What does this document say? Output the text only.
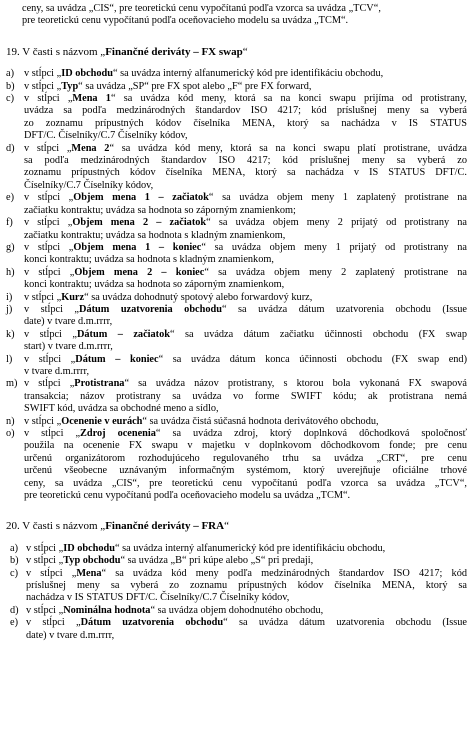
ceny, sa uvádza „CIS“, pre teoretickú cenu vypočítanú podľa vzorca sa uvádza „TCV“,
pre teoretickú cenu vypočítanú podľa oceňovacieho modelu sa uvádza „TCM“.
19. V časti s názvom „Finančné deriváty – FX swap“
a) v stĺpci „ID obchodu“ sa uvádza interný alfanumerický kód pre identifikáciu obchodu,
b) v stĺpci „Typ“ sa uvádza „SP“ pre FX spot alebo „F“ pre FX forward,
c) v stĺpci „Mena 1“ sa uvádza kód meny, ktorá sa na konci swapu prijíma od protistrany,
uvádza sa podľa medzinárodných štandardov ISO 4217; kód príslušnej meny sa vyberá
zo zoznamu prípustných kódov číselníka MENA, ktorý sa nachádza v IS STATUS
DFT/C. Číselníky/C.7 Číselníky kódov,
d) v stĺpci „Mena 2“ sa uvádza kód meny, ktorá sa na konci swapu platí protistrane, uvádza
sa podľa medzinárodných štandardov ISO 4217; kód príslušnej meny sa vyberá zo
zoznamu prípustných kódov číselníka MENA, ktorý sa nachádza v IS STATUS DFT/C.
Číselníky/C.7 Číselníky kódov,
e) v stĺpci „Objem mena 1 – začiatok“ sa uvádza objem meny 1 zaplatený protistrane na
začiatku kontraktu; uvádza sa hodnota so záporným znamienkom;
f)	v stĺpci „Objem mena 2 – začiatok“ sa uvádza objem meny 2 prijatý od protistrany na
začiatku kontraktu; uvádza sa hodnota s kladným znamienkom,
g) v stĺpci „Objem mena 1 – koniec“ sa uvádza objem meny 1 prijatý od protistrany na
konci kontraktu; uvádza sa hodnota s kladným znamienkom,
h) v stĺpci „Objem mena 2 – koniec“ sa uvádza objem meny 2 zaplatený protistrane na
konci kontraktu; uvádza sa hodnota so záporným znamienkom,
i)	v stĺpci „Kurz“ sa uvádza dohodnutý spotový alebo forwardový kurz,
j)	v stĺpci „Dátum uzatvorenia obchodu“ sa uvádza dátum uzatvorenia obchodu (Issue
date) v tvare d.m.rrrr,
k) v stĺpci „Dátum – začiatok“ sa uvádza dátum začiatku účinnosti obchodu (FX swap
start) v tvare d.m.rrrr,
l)	v stĺpci „Dátum – koniec“ sa uvádza dátum konca účinnosti obchodu (FX swap end)
v tvare d.m.rrrr,
m) v stĺpci „Protistrana“ sa uvádza názov protistrany, s ktorou bola vykonaná FX swapová
transakcia; názov protistrany sa uvádza vo forme SWIFT kódu; ak protistrana nemá
SWIFT kód, uvádza sa obchodné meno a sídlo,
n) v stĺpci „Ocenenie v eurách“ sa uvádza čistá súčasná hodnota derivátového obchodu,
o) v stĺpci „Zdroj ocenenia“ sa uvádza zdroj, ktorý doplnková dôchodková spoločnosť
použila na ocenenie FX swapu v majetku v doplnkovom dôchodkovom fonde; pre cenu
určenú organizátorom rozhodujúceho regulovaného trhu sa uvádza „CRT“, pre cenu
určenú všeobecne uznávaným informačným systémom, ktorý uverejňuje oficiálne trhové
ceny, sa uvádza „CIS“, pre teoretickú cenu vypočítanú podľa vzorca sa uvádza „TCV“,
pre teoretickú cenu vypočítanú podľa oceňovacieho modelu sa uvádza „TCM“.
20. V časti s názvom „Finančné deriváty – FRA“
a) v stĺpci „ID obchodu“ sa uvádza interný alfanumerický kód pre identifikáciu obchodu,
b) v stĺpci „Typ obchodu“ sa uvádza „B“ pri kúpe alebo „S“ pri predaji,
c) v stĺpci „Mena“ sa uvádza kód meny podľa medzinárodných štandardov ISO 4217; kód
príslušnej meny sa vyberá zo zoznamu prípustných kódov číselníka MENA, ktorý sa
nachádza v IS STATUS DFT/C. Číselníky/C.7 Číselníky kódov,
d) v stĺpci „Nominálna hodnota“ sa uvádza objem dohodnutého obchodu,
e) v stĺpci „Dátum uzatvorenia obchodu“ sa uvádza dátum uzatvorenia obchodu (Issue
date) v tvare d.m.rrrr,
